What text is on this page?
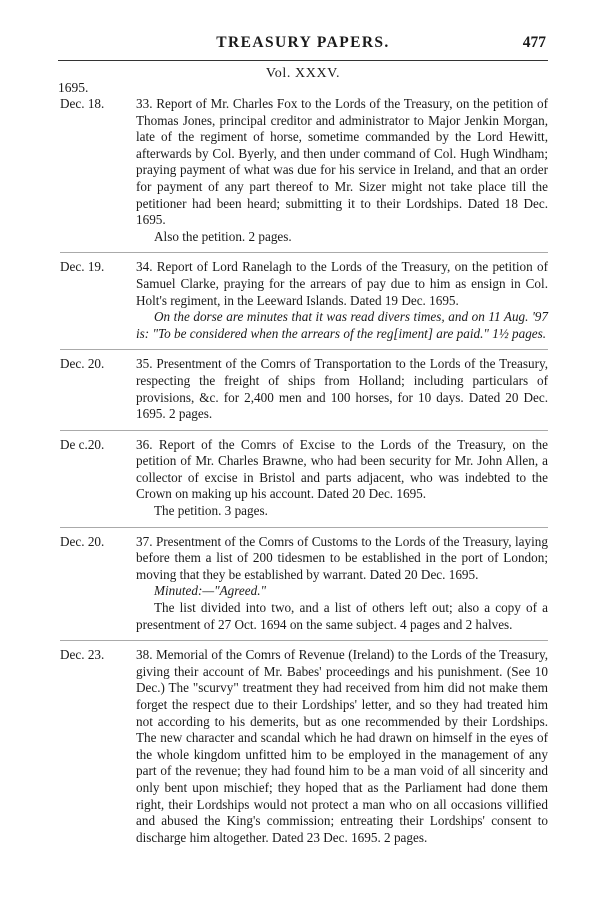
TREASURY PAPERS.	477
Vol. XXXV.
1695.
Dec. 18. 33. Report of Mr. Charles Fox to the Lords of the Treasury, on the petition of Thomas Jones, principal creditor and administrator to Major Jenkin Morgan, late of the regiment of horse, sometime commanded by the Lord Hewitt, afterwards by Col. Byerly, and then under command of Col. Hugh Windham; praying payment of what was due for his service in Ireland, and that an order for payment of any part thereof to Mr. Sizer might not take place till the petitioner had been heard; submitting it to their Lordships. Dated 18 Dec. 1695.
Also the petition. 2 pages.
Dec. 19. 34. Report of Lord Ranelagh to the Lords of the Treasury, on the petition of Samuel Clarke, praying for the arrears of pay due to him as ensign in Col. Holt's regiment, in the Leeward Islands. Dated 19 Dec. 1695.
On the dorse are minutes that it was read divers times, and on 11 Aug. '97 is: "To be considered when the arrears of the reg[iment] are paid." 1½ pages.
Dec. 20. 35. Presentment of the Comrs of Transportation to the Lords of the Treasury, respecting the freight of ships from Holland; including particulars of provisions, &c. for 2,400 men and 100 horses, for 10 days. Dated 20 Dec. 1695. 2 pages.
De c.20. 36. Report of the Comrs of Excise to the Lords of the Treasury, on the petition of Mr. Charles Brawne, who had been security for Mr. John Allen, a collector of excise in Bristol and parts adjacent, who was indebted to the Crown on making up his account. Dated 20 Dec. 1695.
The petition. 3 pages.
Dec. 20. 37. Presentment of the Comrs of Customs to the Lords of the Treasury, laying before them a list of 200 tidesmen to be established in the port of London; moving that they be established by warrant. Dated 20 Dec. 1695.
Minuted:—"Agreed."
The list divided into two, and a list of others left out; also a copy of a presentment of 27 Oct. 1694 on the same subject. 4 pages and 2 halves.
Dec. 23. 38. Memorial of the Comrs of Revenue (Ireland) to the Lords of the Treasury, giving their account of Mr. Babes' proceedings and his punishment. (See 10 Dec.) The "scurvy" treatment they had received from him did not make them forget the respect due to their Lordships' letter, and so they had treated him not according to his demerits, but as one recommended by their Lordships. The new character and scandal which he had drawn on himself in the eyes of the whole kingdom unfitted him to be employed in the management of any part of the revenue; they had found him to be a man void of all sincerity and only bent upon mischief; they hoped that as the Parliament had done them right, their Lordships would not protect a man who on all occasions villified and abused the King's commission; entreating their Lordships' consent to discharge him altogether. Dated 23 Dec. 1695. 2 pages.
